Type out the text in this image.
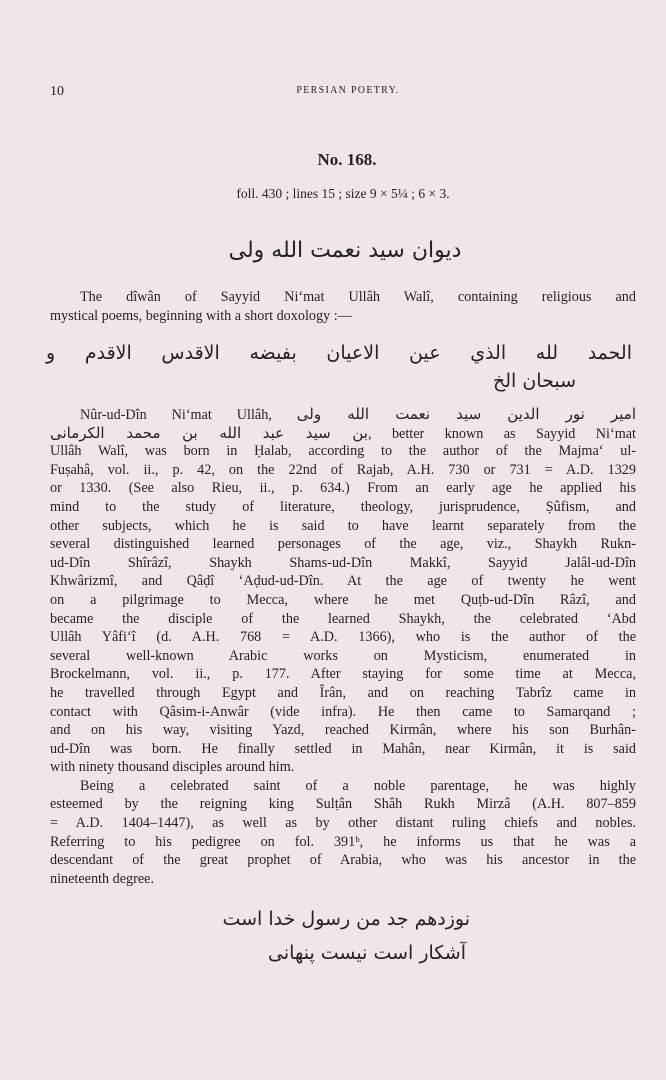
10	PERSIAN POETRY.
No. 168.
foll. 430 ; lines 15 ; size 9 × 5¼ ; 6 × 3.
دیوان سید نعمت الله ولی
The dîwân of Sayyid Ni‘mat Ullâh Walî, containing religious and
mystical poems, beginning with a short doxology :—
الحمد لله الذي عين الاعيان بفيضه الاقدس الاقدم و
سبحان الخ
Nûr-ud-Dîn Ni‘mat Ullâh, امیر نور الدین سید نعمت الله ولی
بن سید عبد الله بن محمد الکرمانی, better known as Sayyid Ni‘mat
Ullâh Walî, was born in Ḥalab, according to the author of the Majma‘ ul-
Fuṣahâ, vol. ii., p. 42, on the 22nd of Rajab, A.H. 730 or 731 = A.D. 1329
or 1330. (See also Rieu, ii., p. 634.) From an early age he applied his
mind to the study of literature, theology, jurisprudence, Ṣûfism, and
other subjects, which he is said to have learnt separately from the
several distinguished learned personages of the age, viz., Shaykh Rukn-
ud-Dîn Shîrâzî, Shaykh Shams-ud-Dîn Makkî, Sayyid Jalâl-ud-Dîn
Khwârizmî, and Qâḍî ‘Aḍud-ud-Dîn. At the age of twenty he went
on a pilgrimage to Mecca, where he met Quṭb-ud-Dîn Râzî, and
became the disciple of the learned Shaykh, the celebrated ‘Abd
Ullâh Yâfi‘î (d. A.H. 768 = A.D. 1366), who is the author of the
several well-known Arabic works on Mysticism, enumerated in
Brockelmann, vol. ii., p. 177. After staying for some time at Mecca,
he travelled through Egypt and Îrân, and on reaching Tabrîz came in
contact with Qâsim-i-Anwâr (vide infra). He then came to Samarqand ;
and on his way, visiting Yazd, reached Kirmân, where his son Burhân-
ud-Dîn was born. He finally settled in Mahân, near Kirmân, it is said
with ninety thousand disciples around him.
Being a celebrated saint of a noble parentage, he was highly
esteemed by the reigning king Sulṭân Shâh Rukh Mirzâ (A.H. 807–859
= A.D. 1404–1447), as well as by other distant ruling chiefs and nobles.
Referring to his pedigree on fol. 391ᵇ, he informs us that he was a
descendant of the great prophet of Arabia, who was his ancestor in the
nineteenth degree.
نوزدهم جد من رسول خدا است
آشکار است نیست پنهانی
